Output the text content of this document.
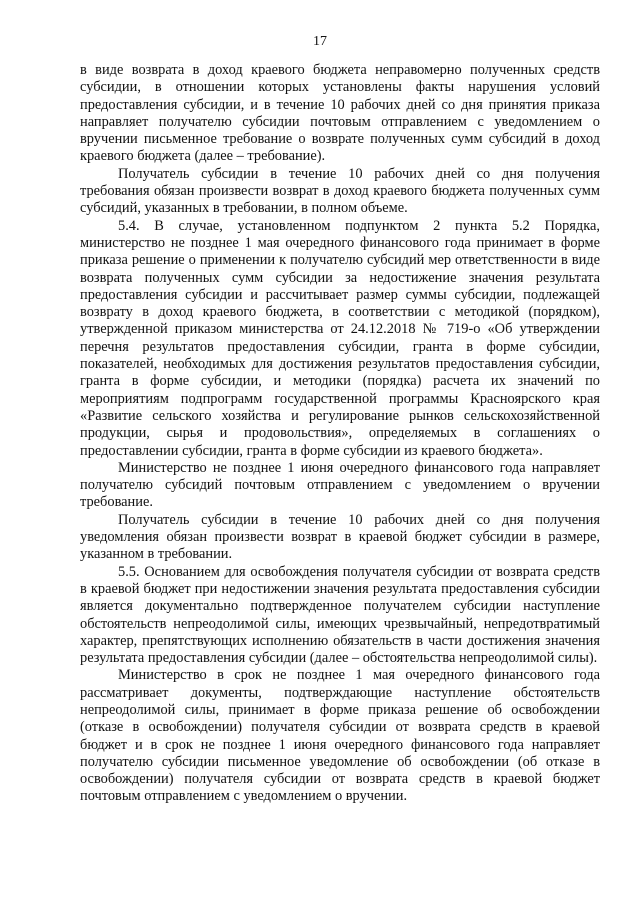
17

в виде возврата в доход краевого бюджета неправомерно полученных средств субсидии, в отношении которых установлены факты нарушения условий предоставления субсидии, и в течение 10 рабочих дней со дня принятия приказа направляет получателю субсидии почтовым отправлением с уведомлением о вручении письменное требование о возврате полученных сумм субсидий в доход краевого бюджета (далее – требование).

Получатель субсидии в течение 10 рабочих дней со дня получения требования обязан произвести возврат в доход краевого бюджета полученных сумм субсидий, указанных в требовании, в полном объеме.

5.4. В случае, установленном подпунктом 2 пункта 5.2 Порядка, министерство не позднее 1 мая очередного финансового года принимает в форме приказа решение о применении к получателю субсидий мер ответственности в виде возврата полученных сумм субсидии за недостижение значения результата предоставления субсидии и рассчитывает размер суммы субсидии, подлежащей возврату в доход краевого бюджета, в соответствии с методикой (порядком), утвержденной приказом министерства от 24.12.2018 № 719-о «Об утверждении перечня результатов предоставления субсидии, гранта в форме субсидии, показателей, необходимых для достижения результатов предоставления субсидии, гранта в форме субсидии, и методики (порядка) расчета их значений по мероприятиям подпрограмм государственной программы Красноярского края «Развитие сельского хозяйства и регулирование рынков сельскохозяйственной продукции, сырья и продовольствия», определяемых в соглашениях о предоставлении субсидии, гранта в форме субсидии из краевого бюджета».

Министерство не позднее 1 июня очередного финансового года направляет получателю субсидий почтовым отправлением с уведомлением о вручении требование.

Получатель субсидии в течение 10 рабочих дней со дня получения уведомления обязан произвести возврат в краевой бюджет субсидии в размере, указанном в требовании.

5.5. Основанием для освобождения получателя субсидии от возврата средств в краевой бюджет при недостижении значения результата предоставления субсидии является документально подтвержденное получателем субсидии наступление обстоятельств непреодолимой силы, имеющих чрезвычайный, непредотвратимый характер, препятствующих исполнению обязательств в части достижения значения результата предоставления субсидии (далее – обстоятельства непреодолимой силы).

Министерство в срок не позднее 1 мая очередного финансового года рассматривает документы, подтверждающие наступление обстоятельств непреодолимой силы, принимает в форме приказа решение об освобождении (отказе в освобождении) получателя субсидии от возврата средств в краевой бюджет и в срок не позднее 1 июня очередного финансового года направляет получателю субсидии письменное уведомление об освобождении (об отказе в освобождении) получателя субсидии от возврата средств в краевой бюджет почтовым отправлением с уведомлением о вручении.
